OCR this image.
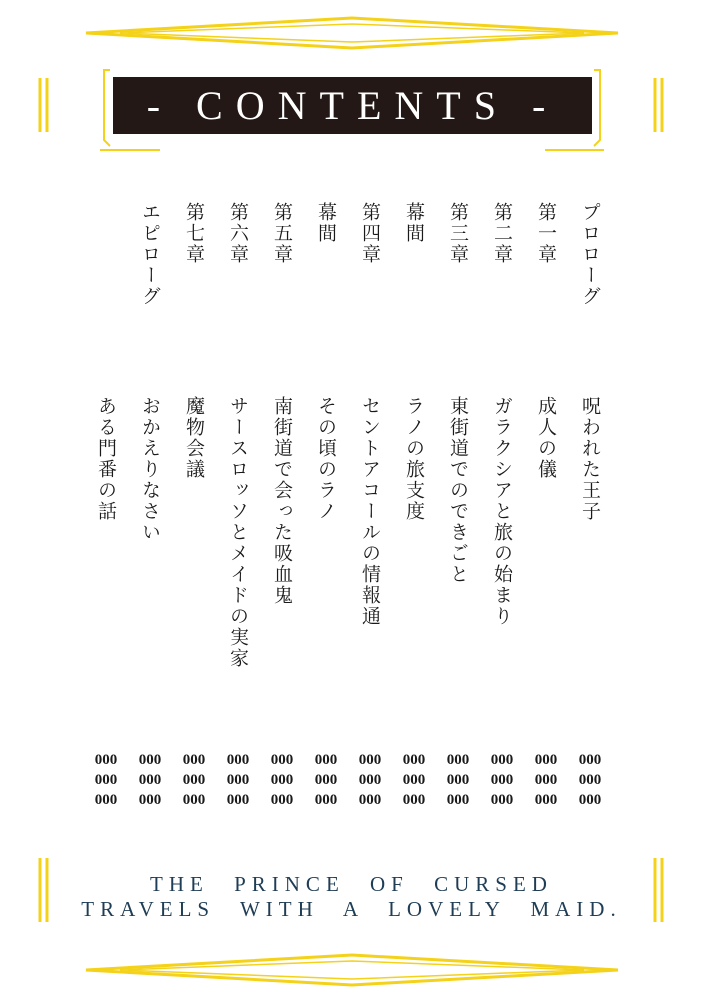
- CONTENTS -
プロローグ
呪われた王子
000
000
000
第一章
成人の儀
000
000
000
第二章
ガラクシアと旅の始まり
000
000
000
第三章
東街道でのできごと
000
000
000
幕間
ラノの旅支度
000
000
000
第四章
セントアコールの情報通
000
000
000
幕間
その頃のラノ
000
000
000
第五章
南街道で会った吸血鬼
000
000
000
第六章
サースロッソとメイドの実家
000
000
000
第七章
魔物会議
000
000
000
エピローグ
おかえりなさい
000
000
000
ある門番の話
000
000
000
THE PRINCE OF CURSED
TRAVELS WITH A LOVELY MAID.
